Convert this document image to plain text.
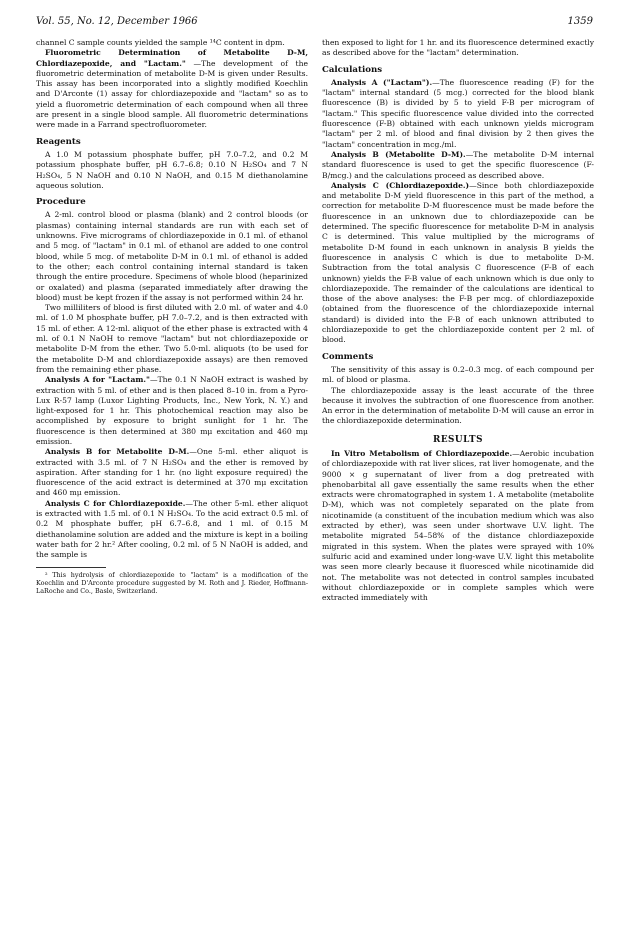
Vol. 55, No. 12, December 1966	1359

channel C sample counts yielded the sample ¹⁴C content in dpm.

Fluorometric Determination of Metabolite D-M, Chlordiazepoxide, and "Lactam." —The development of the fluorometric determination of metabolite D-M is given under Results. This assay has been incorporated into a slightly modified Koechlin and D'Arconte (1) assay for chlordiazepoxide and "lactam" so as to yield a fluorometric determination of each compound when all three are present in a single blood sample. All fluorometric determinations were made in a Farrand spectrofluorometer.

Reagents

A 1.0 M potassium phosphate buffer, pH 7.0–7.2, and 0.2 M potassium phosphate buffer, pH 6.7–6.8; 0.10 N H₂SO₄ and 7 N H₂SO₄, 5 N NaOH and 0.10 N NaOH, and 0.15 M diethanolamine aqueous solution.

Procedure

A 2-ml. control blood or plasma (blank) and 2 control bloods (or plasmas) containing internal standards are run with each set of unknowns. Five micrograms of chlordiazepoxide in 0.1 ml. of ethanol and 5 mcg. of "lactam" in 0.1 ml. of ethanol are added to one control blood, while 5 mcg. of metabolite D-M in 0.1 ml. of ethanol is added to the other; each control containing internal standard is taken through the entire procedure. Specimens of whole blood (heparinized or oxalated) and plasma (separated immediately after drawing the blood) must be kept frozen if the assay is not performed within 24 hr.

Two milliliters of blood is first diluted with 2.0 ml. of water and 4.0 ml. of 1.0 M phosphate buffer, pH 7.0–7.2, and is then extracted with 15 ml. of ether. A 12-ml. aliquot of the ether phase is extracted with 4 ml. of 0.1 N NaOH to remove "lactam" but not chlordiazepoxide or metabolite D-M from the ether. Two 5.0-ml. aliquots (to be used for the metabolite D-M and chlordiazepoxide assays) are then removed from the remaining ether phase.

Analysis A for "Lactam."—The 0.1 N NaOH extract is washed by extraction with 5 ml. of ether and is then placed 8–10 in. from a Pyro-Lux R-57 lamp (Luxor Lighting Products, Inc., New York, N. Y.) and light-exposed for 1 hr. This photochemical reaction may also be accomplished by exposure to bright sunlight for 1 hr. The fluorescence is then determined at 380 mμ excitation and 460 mμ emission.

Analysis B for Metabolite D-M.—One 5-ml. ether aliquot is extracted with 3.5 ml. of 7 N H₂SO₄ and the ether is removed by aspiration. After standing for 1 hr. (no light exposure required) the fluorescence of the acid extract is determined at 370 mμ excitation and 460 mμ emission.

Analysis C for Chlordiazepoxide.—The other 5-ml. ether aliquot is extracted with 1.5 ml. of 0.1 N H₂SO₄. To the acid extract 0.5 ml. of 0.2 M phosphate buffer, pH 6.7–6.8, and 1 ml. of 0.15 M diethanolamine solution are added and the mixture is kept in a boiling water bath for 2 hr.² After cooling, 0.2 ml. of 5 N NaOH is added, and the sample is

² This hydrolysis of chlordiazepoxide to "lactam" is a modification of the Koechlin and D'Arconte procedure suggested by M. Roth and J. Rieder, Hoffmann-LaRoche and Co., Basle, Switzerland.

then exposed to light for 1 hr. and its fluorescence determined exactly as described above for the "lactam" determination.

Calculations

Analysis A ("Lactam").—The fluorescence reading (F) for the "lactam" internal standard (5 mcg.) corrected for the blood blank fluorescence (B) is divided by 5 to yield F-B per microgram of "lactam." This specific fluorescence value divided into the corrected fluorescence (F-B) obtained with each unknown yields microgram "lactam" per 2 ml. of blood and final division by 2 then gives the "lactam" concentration in mcg./ml.

Analysis B (Metabolite D-M).—The metabolite D-M internal standard fluorescence is used to get the specific fluorescence (F-B/mcg.) and the calculations proceed as described above.

Analysis C (Chlordiazepoxide.)—Since both chlordiazepoxide and metabolite D-M yield fluorescence in this part of the method, a correction for metabolite D-M fluorescence must be made before the fluorescence in an unknown due to chlordiazepoxide can be determined. The specific fluorescence for metabolite D-M in analysis C is determined. This value multiplied by the micrograms of metabolite D-M found in each unknown in analysis B yields the fluorescence in analysis C which is due to metabolite D-M. Subtraction from the total analysis C fluorescence (F-B of each unknown) yields the F-B value of each unknown which is due only to chlordiazepoxide. The remainder of the calculations are identical to those of the above analyses: the F-B per mcg. of chlordiazepoxide (obtained from the fluorescence of the chlordiazepoxide internal standard) is divided into the F-B of each unknown attributed to chlordiazepoxide to get the chlordiazepoxide content per 2 ml. of blood.

Comments

The sensitivity of this assay is 0.2–0.3 mcg. of each compound per ml. of blood or plasma.

The chlordiazepoxide assay is the least accurate of the three because it involves the subtraction of one fluorescence from another. An error in the determination of metabolite D-M will cause an error in the chlordiazepoxide determination.

RESULTS

In Vitro Metabolism of Chlordiazepoxide.—Aerobic incubation of chlordiazepoxide with rat liver slices, rat liver homogenate, and the 9000 × g supernatant of liver from a dog pretreated with phenobarbital all gave essentially the same results when the ether extracts were chromatographed in system 1. A metabolite (metabolite D-M), which was not completely separated on the plate from nicotinamide (a constituent of the incubation medium which was also extracted by ether), was seen under shortwave U.V. light. The metabolite migrated 54–58% of the distance chlordiazepoxide migrated in this system. When the plates were sprayed with 10% sulfuric acid and examined under long-wave U.V. light this metabolite was seen more clearly because it fluoresced while nicotinamide did not. The metabolite was not detected in control samples incubated without chlordiazepoxide or in complete samples which were extracted immediately with
